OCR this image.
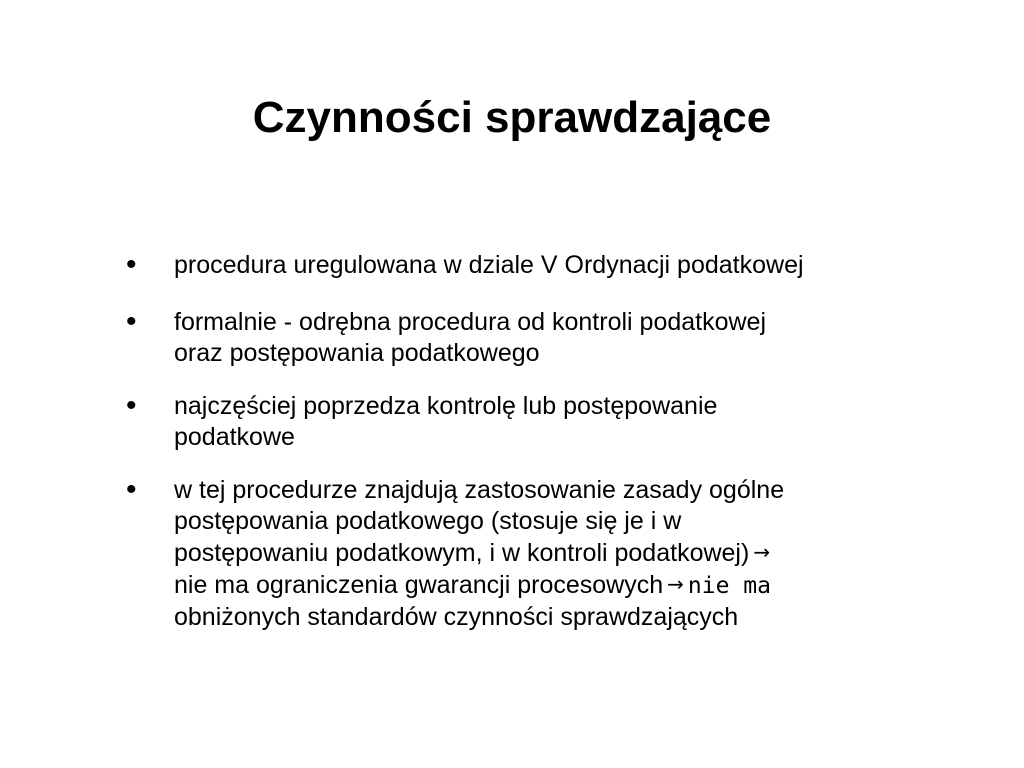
Czynności sprawdzające
• procedura uregulowana w dziale V Ordynacji podatkowej
• formalnie - odrębna procedura od kontroli podatkowej
oraz postępowania podatkowego
• najczęściej poprzedza kontrolę lub postępowanie
podatkowe
• w tej procedurze znajdują zastosowanie zasady ogólne
postępowania podatkowego (stosuje się je i w
postępowaniu podatkowym, i w kontroli podatkowej) →
nie ma ograniczenia gwarancji procesowych → nie ma
obniżonych standardów czynności sprawdzających
